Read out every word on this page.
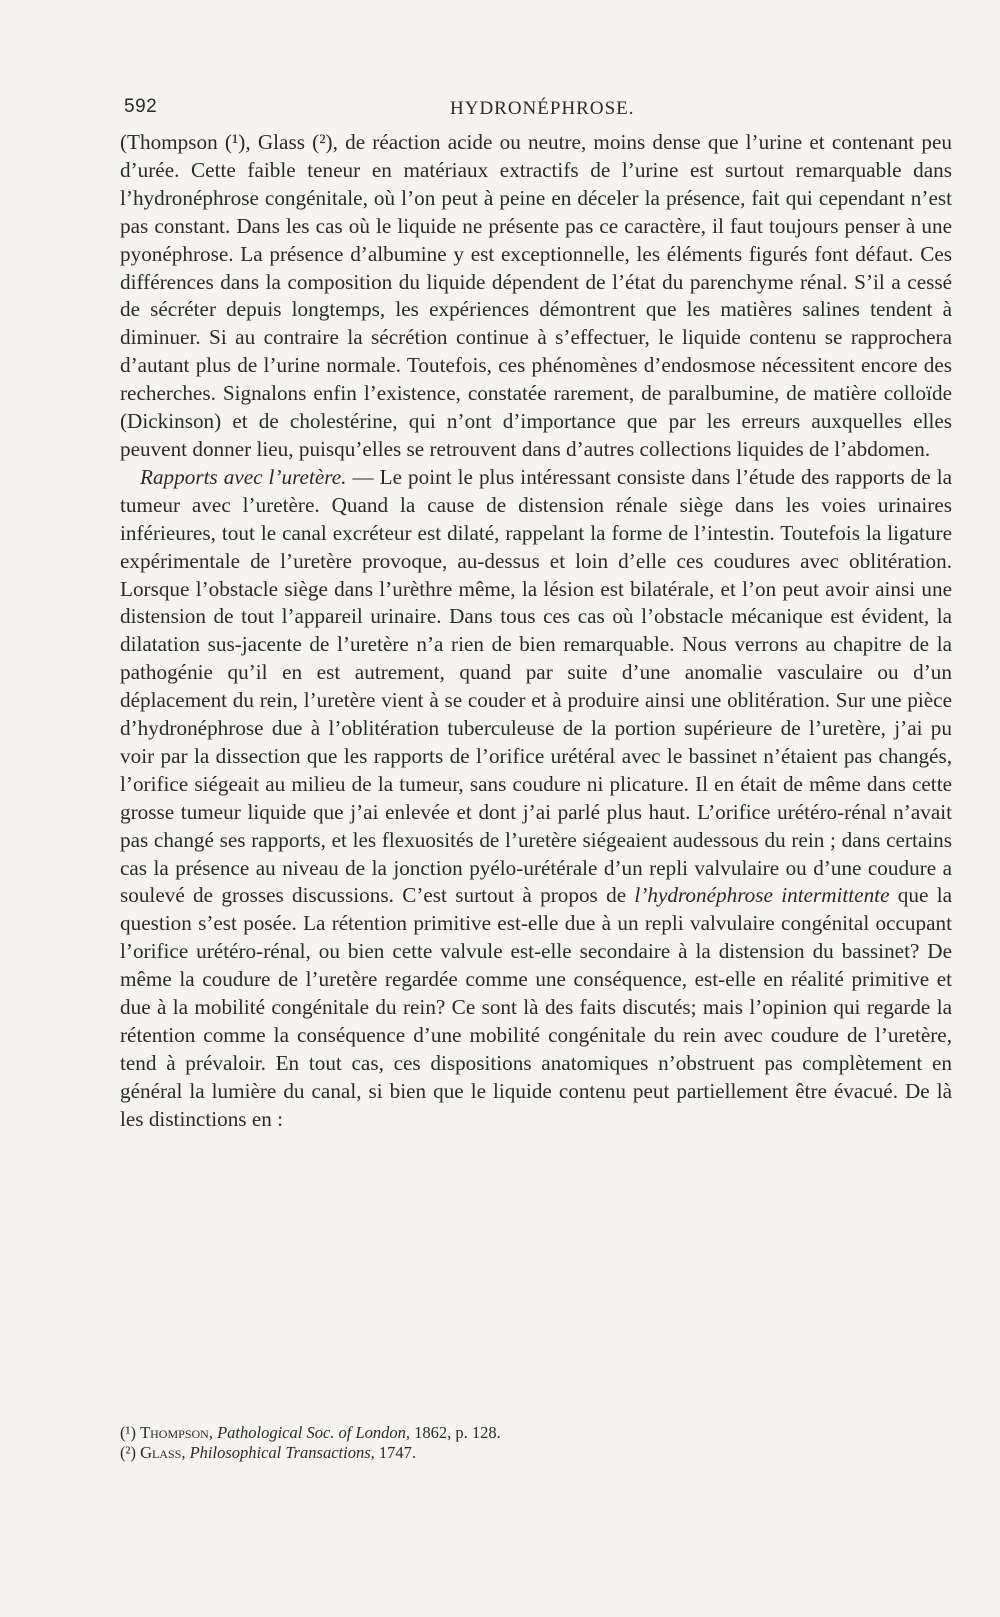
592	HYDRONÉPHROSE.

(Thompson (¹), Glass (²), de réaction acide ou neutre, moins dense que l’urine et contenant peu d’urée. Cette faible teneur en matériaux extractifs de l’urine est surtout remarquable dans l’hydronéphrose congénitale, où l’on peut à peine en déceler la présence, fait qui cependant n’est pas constant. Dans les cas où le liquide ne présente pas ce caractère, il faut toujours penser à une pyonéphrose. La présence d’albumine y est exceptionnelle, les éléments figurés font défaut. Ces différences dans la composition du liquide dépendent de l’état du parenchyme rénal. S’il a cessé de sécréter depuis longtemps, les expériences démontrent que les matières salines tendent à diminuer. Si au contraire la sécrétion continue à s’effectuer, le liquide contenu se rapprochera d’autant plus de l’urine normale. Toutefois, ces phénomènes d’endosmose nécessitent encore des recherches. Signalons enfin l’existence, constatée rarement, de paralbumine, de matière colloïde (Dickinson) et de cholestérine, qui n’ont d’importance que par les erreurs auxquelles elles peuvent donner lieu, puisqu’elles se retrouvent dans d’autres collections liquides de l’abdomen.

Rapports avec l’uretère. — Le point le plus intéressant consiste dans l’étude des rapports de la tumeur avec l’uretère. Quand la cause de distension rénale siège dans les voies urinaires inférieures, tout le canal excréteur est dilaté, rappelant la forme de l’intestin. Toutefois la ligature expérimentale de l’uretère provoque, au-dessus et loin d’elle ces coudures avec oblitération. Lorsque l’obstacle siège dans l’urèthre même, la lésion est bilatérale, et l’on peut avoir ainsi une distension de tout l’appareil urinaire. Dans tous ces cas où l’obstacle mécanique est évident, la dilatation sus-jacente de l’uretère n’a rien de bien remarquable. Nous verrons au chapitre de la pathogénie qu’il en est autrement, quand par suite d’une anomalie vasculaire ou d’un déplacement du rein, l’uretère vient à se couder et à produire ainsi une oblitération. Sur une pièce d’hydronéphrose due à l’oblitération tuberculeuse de la portion supérieure de l’uretère, j’ai pu voir par la dissection que les rapports de l’orifice urétéral avec le bassinet n’étaient pas changés, l’orifice siégeait au milieu de la tumeur, sans coudure ni plicature. Il en était de même dans cette grosse tumeur liquide que j’ai enlevée et dont j’ai parlé plus haut. L’orifice urétéro-rénal n’avait pas changé ses rapports, et les flexuosités de l’uretère siégeaient audessous du rein ; dans certains cas la présence au niveau de la jonction pyélo-urétérale d’un repli valvulaire ou d’une coudure a soulevé de grosses discussions. C’est surtout à propos de l’hydronéphrose intermittente que la question s’est posée. La rétention primitive est-elle due à un repli valvulaire congénital occupant l’orifice urétéro-rénal, ou bien cette valvule est-elle secondaire à la distension du bassinet? De même la coudure de l’uretère regardée comme une conséquence, est-elle en réalité primitive et due à la mobilité congénitale du rein? Ce sont là des faits discutés; mais l’opinion qui regarde la rétention comme la conséquence d’une mobilité congénitale du rein avec coudure de l’uretère, tend à prévaloir. En tout cas, ces dispositions anatomiques n’obstruent pas complètement en général la lumière du canal, si bien que le liquide contenu peut partiellement être évacué. De là les distinctions en :

(¹) Thompson, Pathological Soc. of London, 1862, p. 128.
(²) Glass, Philosophical Transactions, 1747.
